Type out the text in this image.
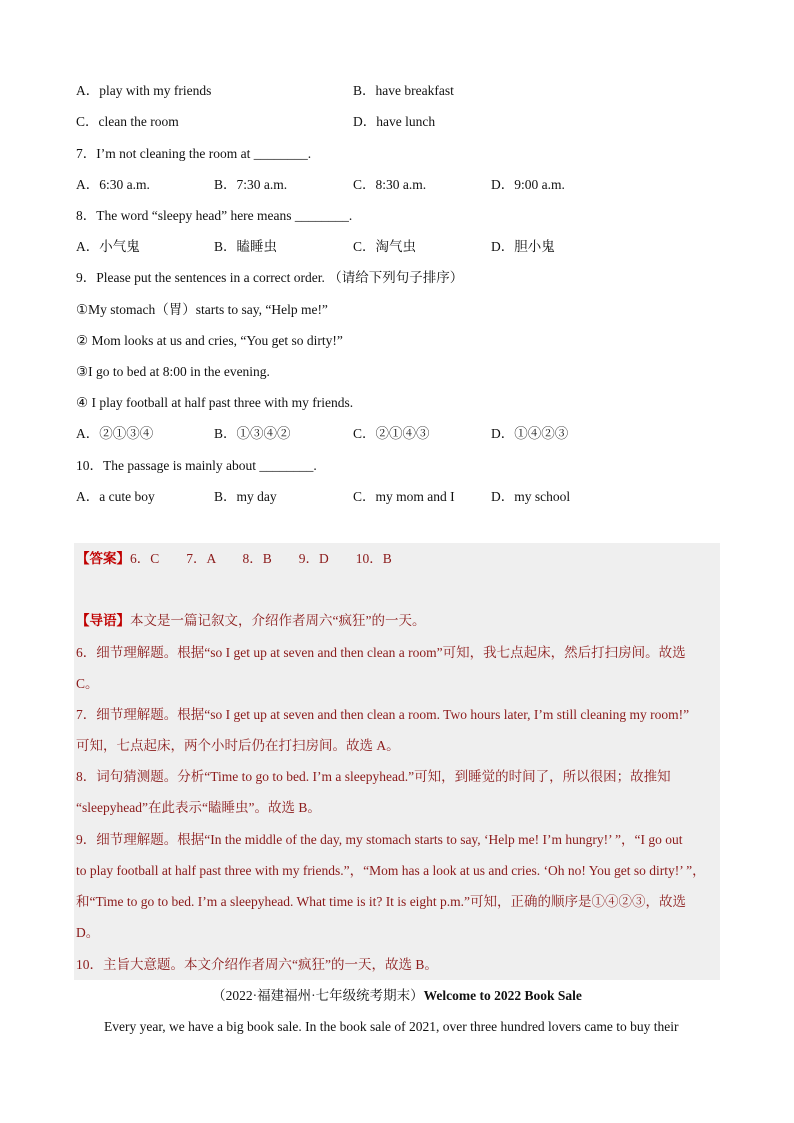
A．play with my friends	B．have breakfast
C．clean the room	D．have lunch
7．I’m not cleaning the room at ________.
A．6:30 a.m.	B．7:30 a.m.	C．8:30 a.m.	D．9:00 a.m.
8．The word “sleepy head” here means ________.
A．小气鬼	B．瞌睡虫	C．淘气虫	D．胆小鬼
9．Please put the sentences in a correct order. （请给下列句子排序）
①My stomach（胃）starts to say, “Help me!”
② Mom looks at us and cries, “You get so dirty!”
③I go to bed at 8:00 in the evening.
④ I play football at half past three with my friends.
A．②①③④	B．①③④②	C．②①④③	D．①④②③
10．The passage is mainly about ________.
A．a cute boy	B．my day	C．my mom and I	D．my school
【答案】6．C　　7．A　　8．B　　9．D　　10．B
【导语】本文是一篇记叙文，介绍作者周六“疯狂”的一天。
6．细节理解题。根据“so I get up at seven and then clean a room”可知，我七点起床，然后打扫房间。故选
C。
7．细节理解题。根据“so I get up at seven and then clean a room. Two hours later, I’m still cleaning my room!”
可知，七点起床，两个小时后仍在打扫房间。故选 A。
8．词句猜测题。分析“Time to go to bed. I’m a sleepyhead.”可知，到睡觉的时间了，所以很困；故推知
“sleepyhead”在此表示“瞌睡虫”。故选 B。
9．细节理解题。根据“In the middle of the day, my stomach starts to say, ‘Help me! I’m hungry!’ ”，“I go out
to play football at half past three with my friends.”，“Mom has a look at us and cries. ‘Oh no! You get so dirty!’ ”，
和“Time to go to bed. I’m a sleepyhead. What time is it? It is eight p.m.”可知，正确的顺序是①④②③，故选
D。
10．主旨大意题。本文介绍作者周六“疯狂”的一天，故选 B。
（2022·福建福州·七年级统考期末）Welcome to 2022 Book Sale
Every year, we have a big book sale. In the book sale of 2021, over three hundred lovers came to buy their
